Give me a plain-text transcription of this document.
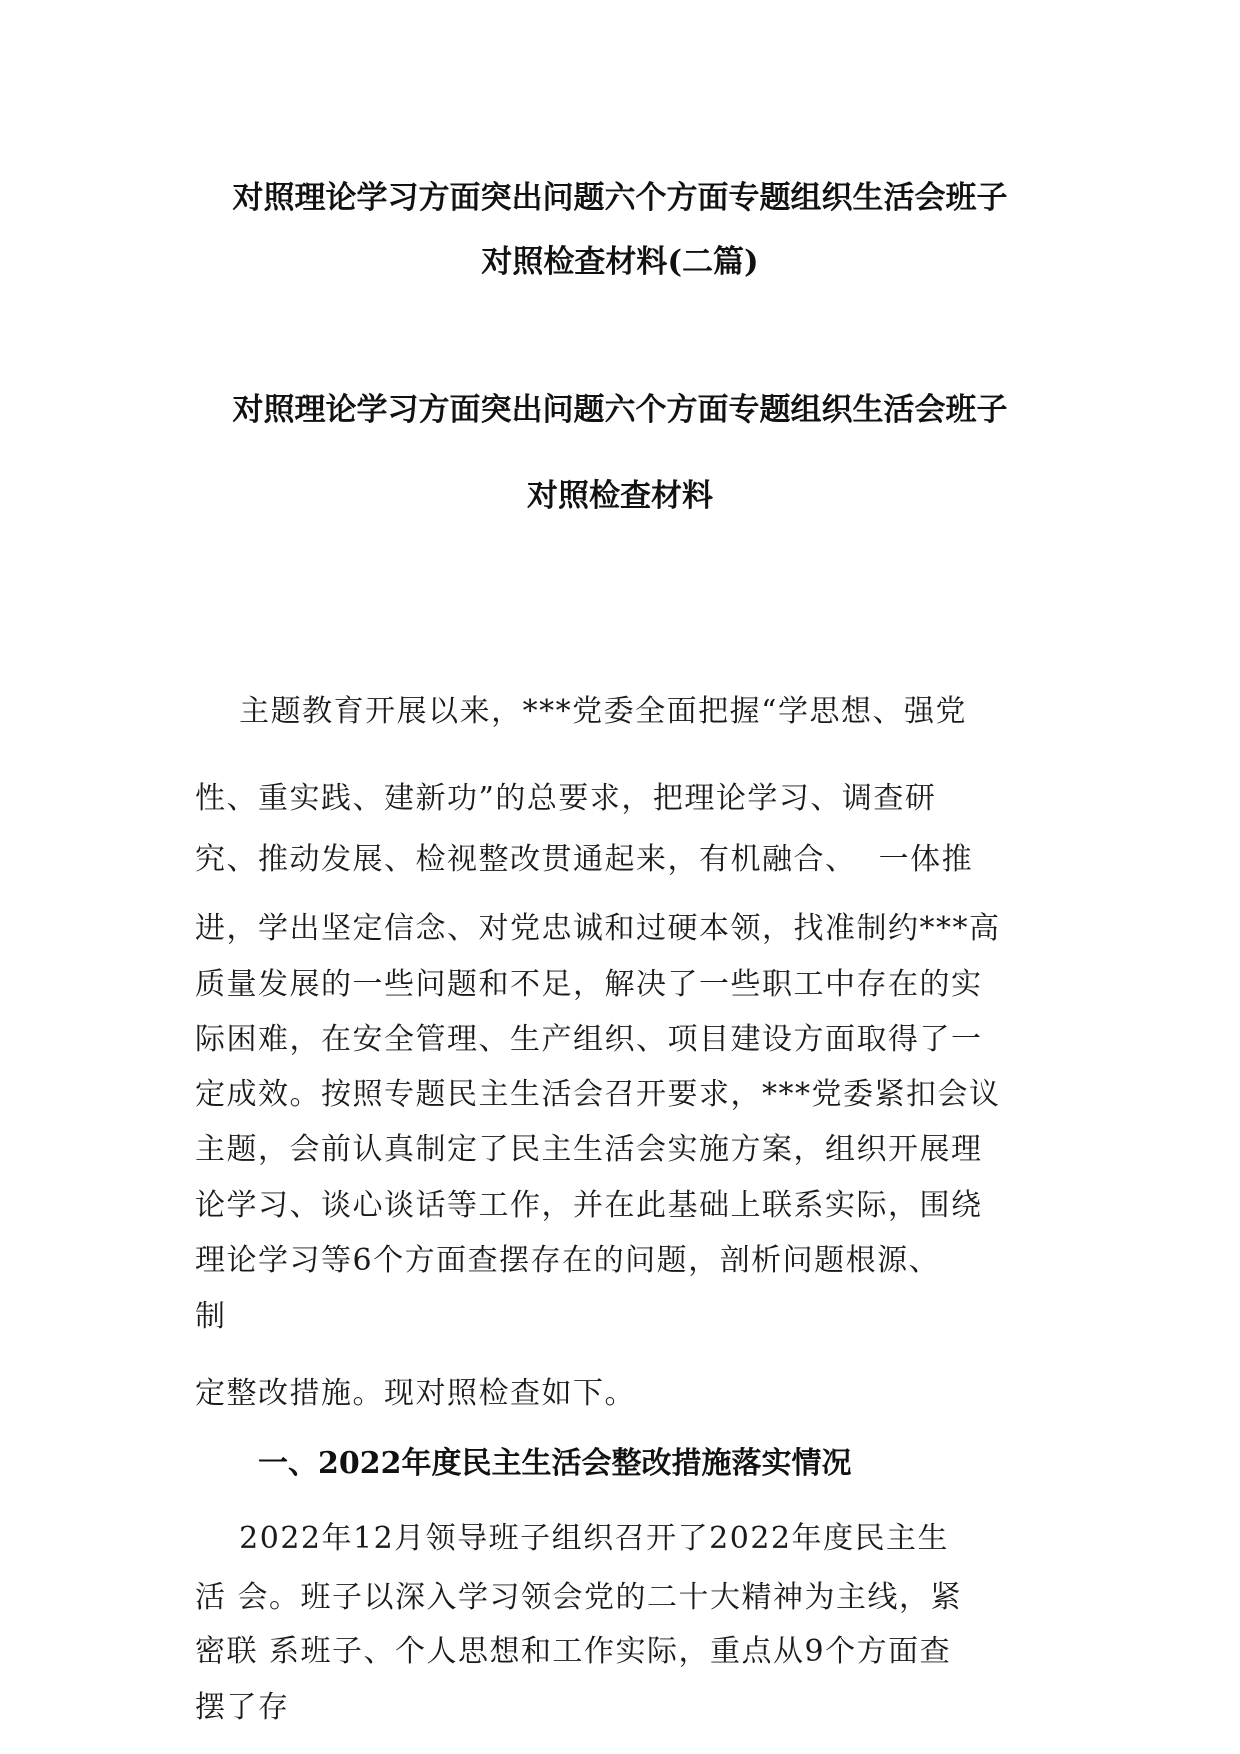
对照理论学习方面突出问题六个方面专题组织生活会班子
对照检查材料(二篇)
对照理论学习方面突出问题六个方面专题组织生活会班子
对照检查材料
主题教育开展以来，***党委全面把握“学思想、强党
性、重实践、建新功”的总要求，把理论学习、调查研
究、推动发展、检视整改贯通起来，有机融合、  一体推
进，学出坚定信念、对党忠诚和过硬本领，找准制约***高
质量发展的一些问题和不足，解决了一些职工中存在的实
际困难，在安全管理、生产组织、项目建设方面取得了一
定成效。按照专题民主生活会召开要求，***党委紧扣会议
主题，会前认真制定了民主生活会实施方案，组织开展理
论学习、谈心谈话等工作，并在此基础上联系实际，围绕
理论学习等6个方面查摆存在的问题，剖析问题根源、
制
定整改措施。现对照检查如下。
一、2022年度民主生活会整改措施落实情况
2022年12月领导班子组织召开了2022年度民主生
活 会。班子以深入学习领会党的二十大精神为主线，紧
密联 系班子、个人思想和工作实际，重点从9个方面查
摆了存
